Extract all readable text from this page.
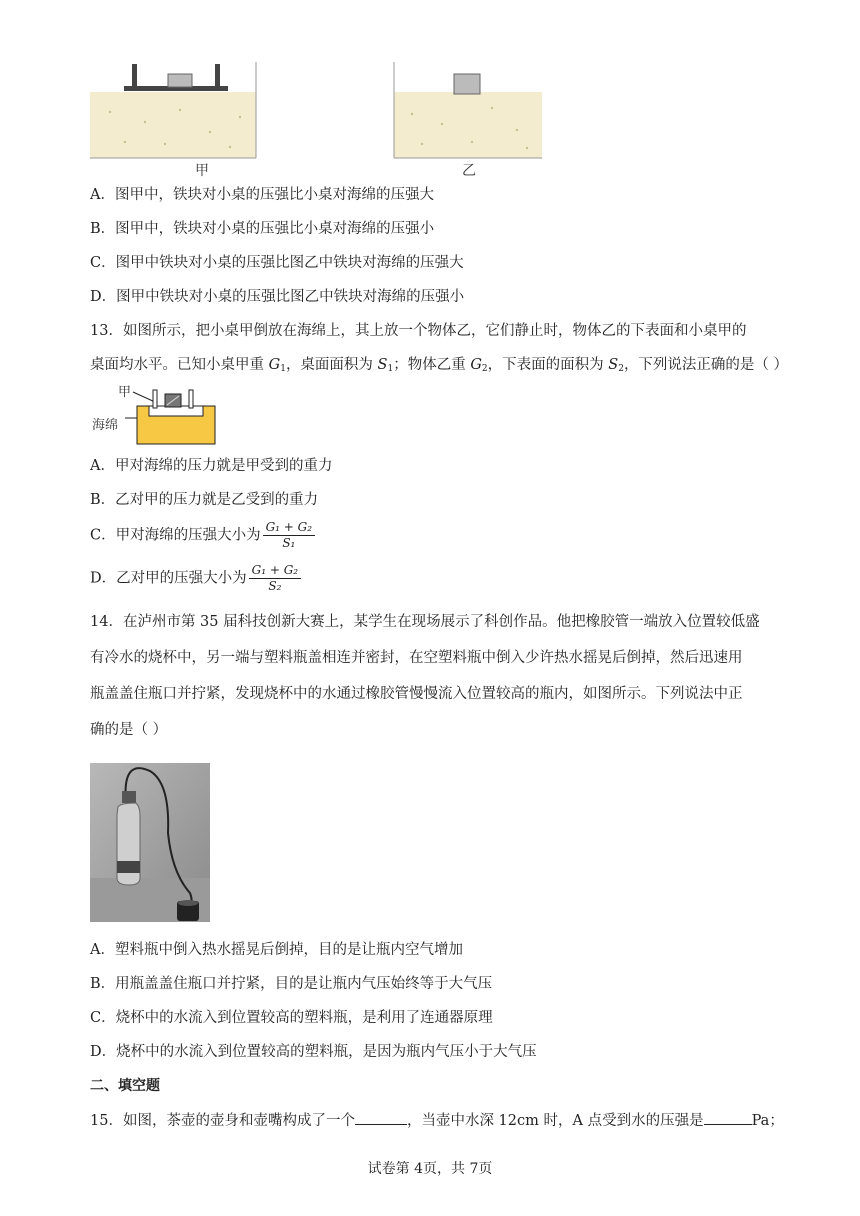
甲	乙
A．图甲中，铁块对小桌的压强比小桌对海绵的压强大
B．图甲中，铁块对小桌的压强比小桌对海绵的压强小
C．图甲中铁块对小桌的压强比图乙中铁块对海绵的压强大
D．图甲中铁块对小桌的压强比图乙中铁块对海绵的压强小
13．如图所示，把小桌甲倒放在海绵上，其上放一个物体乙，它们静止时，物体乙的下表面和小桌甲的
桌面均水平。已知小桌甲重 $G_1$，桌面面积为 $S_1$；物体乙重 $G_2$，下表面的面积为 $S_2$，下列说法正确的是（ ）
甲
海绵
A．甲对海绵的压力就是甲受到的重力
B．乙对甲的压力就是乙受到的重力
C．甲对海绵的压强大小为 $\frac{\text{G₁ + G₂}}{\text{S₁}}$
D．乙对甲的压强大小为 $\frac{\text{G₁ + G₂}}{\text{S₂}}$
14．在泸州市第 35 届科技创新大赛上，某学生在现场展示了科创作品。他把橡胶管一端放入位置较低盛
有冷水的烧杯中，另一端与塑料瓶盖相连并密封，在空塑料瓶中倒入少许热水摇晃后倒掉，然后迅速用
瓶盖盖住瓶口并拧紧，发现烧杯中的水通过橡胶管慢慢流入位置较高的瓶内，如图所示。下列说法中正
确的是（ ）
A．塑料瓶中倒入热水摇晃后倒掉，目的是让瓶内空气增加
B．用瓶盖盖住瓶口并拧紧，目的是让瓶内气压始终等于大气压
C．烧杯中的水流入到位置较高的塑料瓶，是利用了连通器原理
D．烧杯中的水流入到位置较高的塑料瓶，是因为瓶内气压小于大气压
二、填空题
15．如图，茶壶的壶身和壶嘴构成了一个	，当壶中水深 12cm 时，A 点受到水的压强是	Pa；
试卷第 4页，共 7页
